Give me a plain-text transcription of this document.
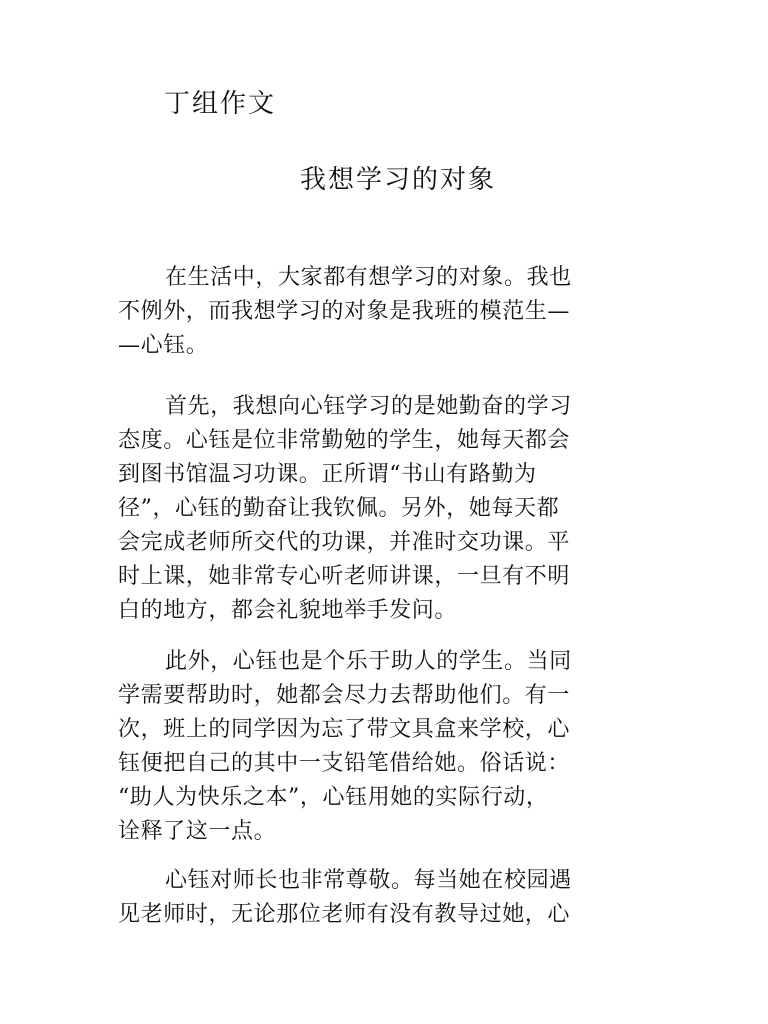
丁组作文
我想学习的对象
在生活中，大家都有想学习的对象。我也
不例外，而我想学习的对象是我班的模范生—
—心钰。
首先，我想向心钰学习的是她勤奋的学习
态度。心钰是位非常勤勉的学生，她每天都会
到图书馆温习功课。正所谓“书山有路勤为
径”，心钰的勤奋让我钦佩。另外，她每天都
会完成老师所交代的功课，并准时交功课。平
时上课，她非常专心听老师讲课，一旦有不明
白的地方，都会礼貌地举手发问。
此外，心钰也是个乐于助人的学生。当同
学需要帮助时，她都会尽力去帮助他们。有一
次，班上的同学因为忘了带文具盒来学校，心
钰便把自己的其中一支铅笔借给她。俗话说：
“助人为快乐之本”，心钰用她的实际行动，
诠释了这一点。
心钰对师长也非常尊敬。每当她在校园遇
见老师时，无论那位老师有没有教导过她，心
